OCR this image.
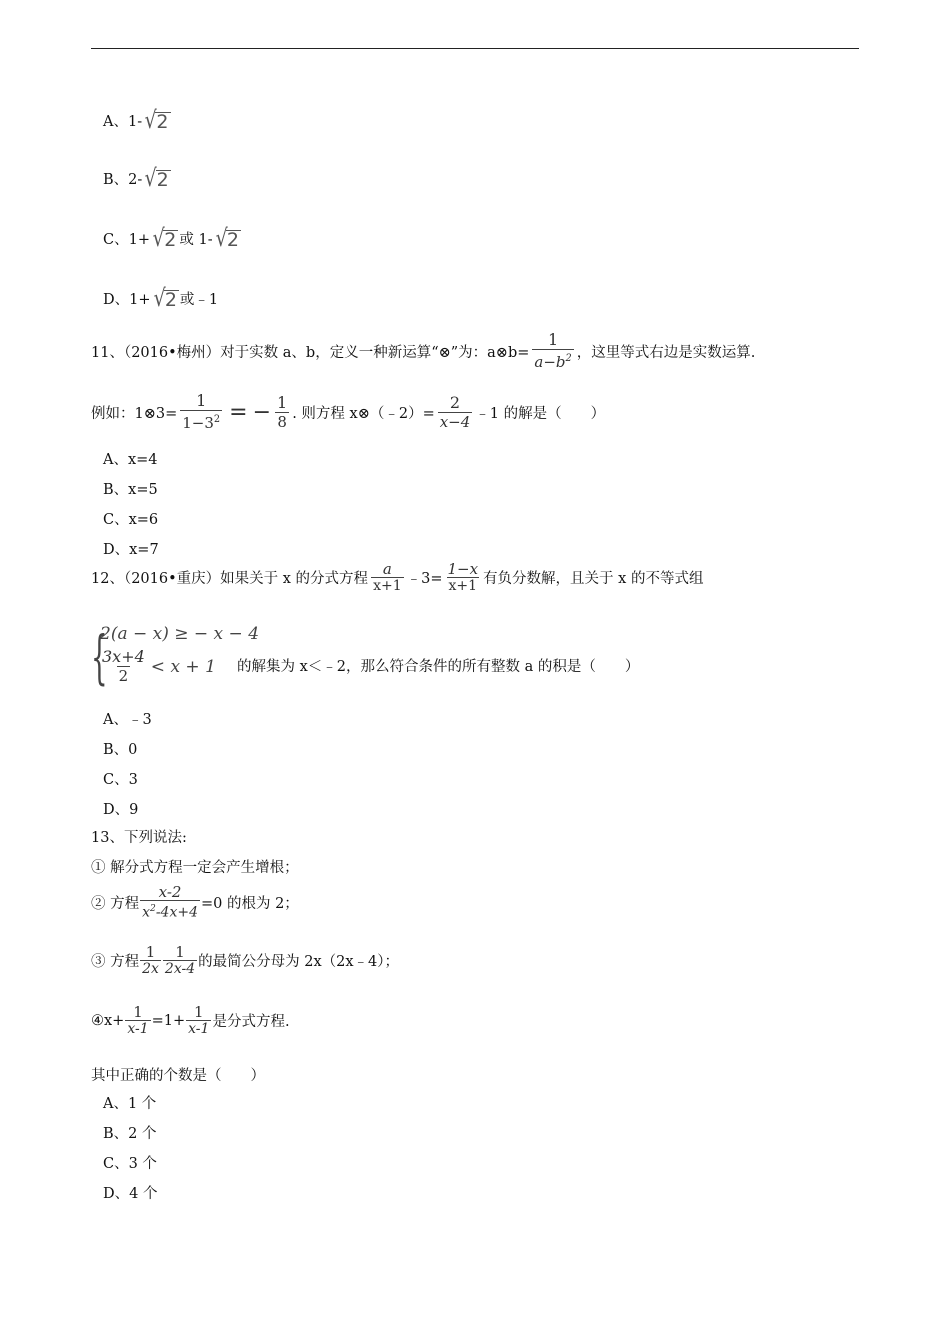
A、1- √ 2
B、2- √ 2
C、1+ √ 2 或 1- √ 2
D、1+ √ 2 或﹣1
11、（2016•梅州）对于实数 a、b，定义一种新运算“⊗”为：a⊗b= $\frac{1}{a-b^2}$ ，这里等式右边是实数运算.
例如：1⊗3= $\frac{1}{1-3^2}$ = − $\frac{1}{8}$ . 则方程 x⊗（﹣2）= $\frac{2}{x-4}$ ﹣1 的解是（　　）
A、x=4
B、x=5
C、x=6
D、x=7
12、（2016•重庆）如果关于 x 的分式方程 $\frac{a}{x+1}$ ﹣3= $\frac{1-x}{x+1}$ 有负分数解，且关于 x 的不等式组
{
2(a − x) ≥ − x − 4
$\frac{3x+4}{2} < x + 1$ 的解集为 x＜﹣2，那么符合条件的所有整数 a 的积是（　　）
A、﹣3
B、0
C、3
D、9
13、下列说法:
① 解分式方程一定会产生增根；
② 方程 $\frac{x-2}{x^2-4x+4} =0$ 的根为 2；
③ 方程 $\frac{1}{2x} \frac{1}{2x-4}$ 的最简公分母为 2x（2x﹣4）；
④x+ $\frac{1}{x-1} =1+ \frac{1}{x-1}$ 是分式方程.
其中正确的个数是（　　）
A、1 个
B、2 个
C、3 个
D、4 个
